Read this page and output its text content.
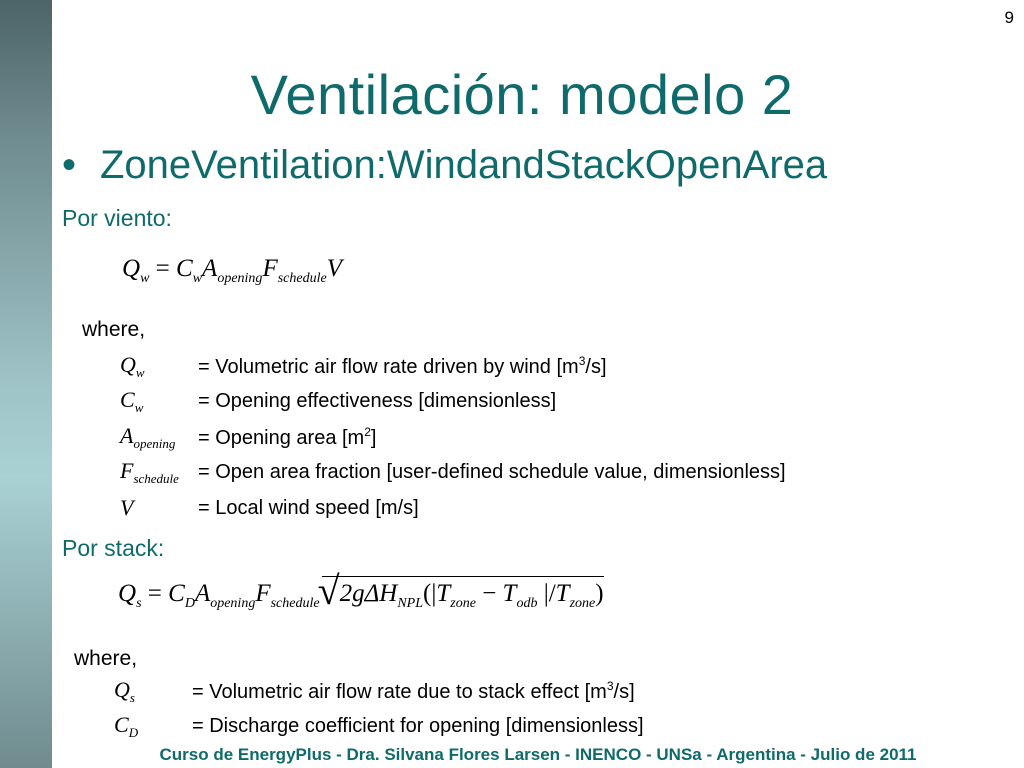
9
Ventilación: modelo 2
• ZoneVentilation:WindandStackOpenArea
Por viento:
$Q_w = C_wA_{opening}F_{schedule}V$
where,
$Q_w$	= Volumetric air flow rate driven by wind $[m^3/s]$
$C_w$	= Opening effectiveness [dimensionless]
$A_{opening}$	= Opening area $[m^2]$
$F_{schedule}$ = Open area fraction [user-defined schedule value, dimensionless]
V	= Local wind speed [m/s]
Por stack:
$Q_s = C_DA_{opening}F_{schedule}$
√ $2g\Delta H_{NPL}(|T_{zone} - T_{odb}$ $|/T_{zone}$)
where,
$Q_s$	= Volumetric air flow rate due to stack effect $[m^3/s]$
$C_D$	= Discharge coefficient for opening [dimensionless]
Curso de EnergyPlus - Dra. Silvana Flores Larsen - INENCO - UNSa - Argentina - Julio de 2011
